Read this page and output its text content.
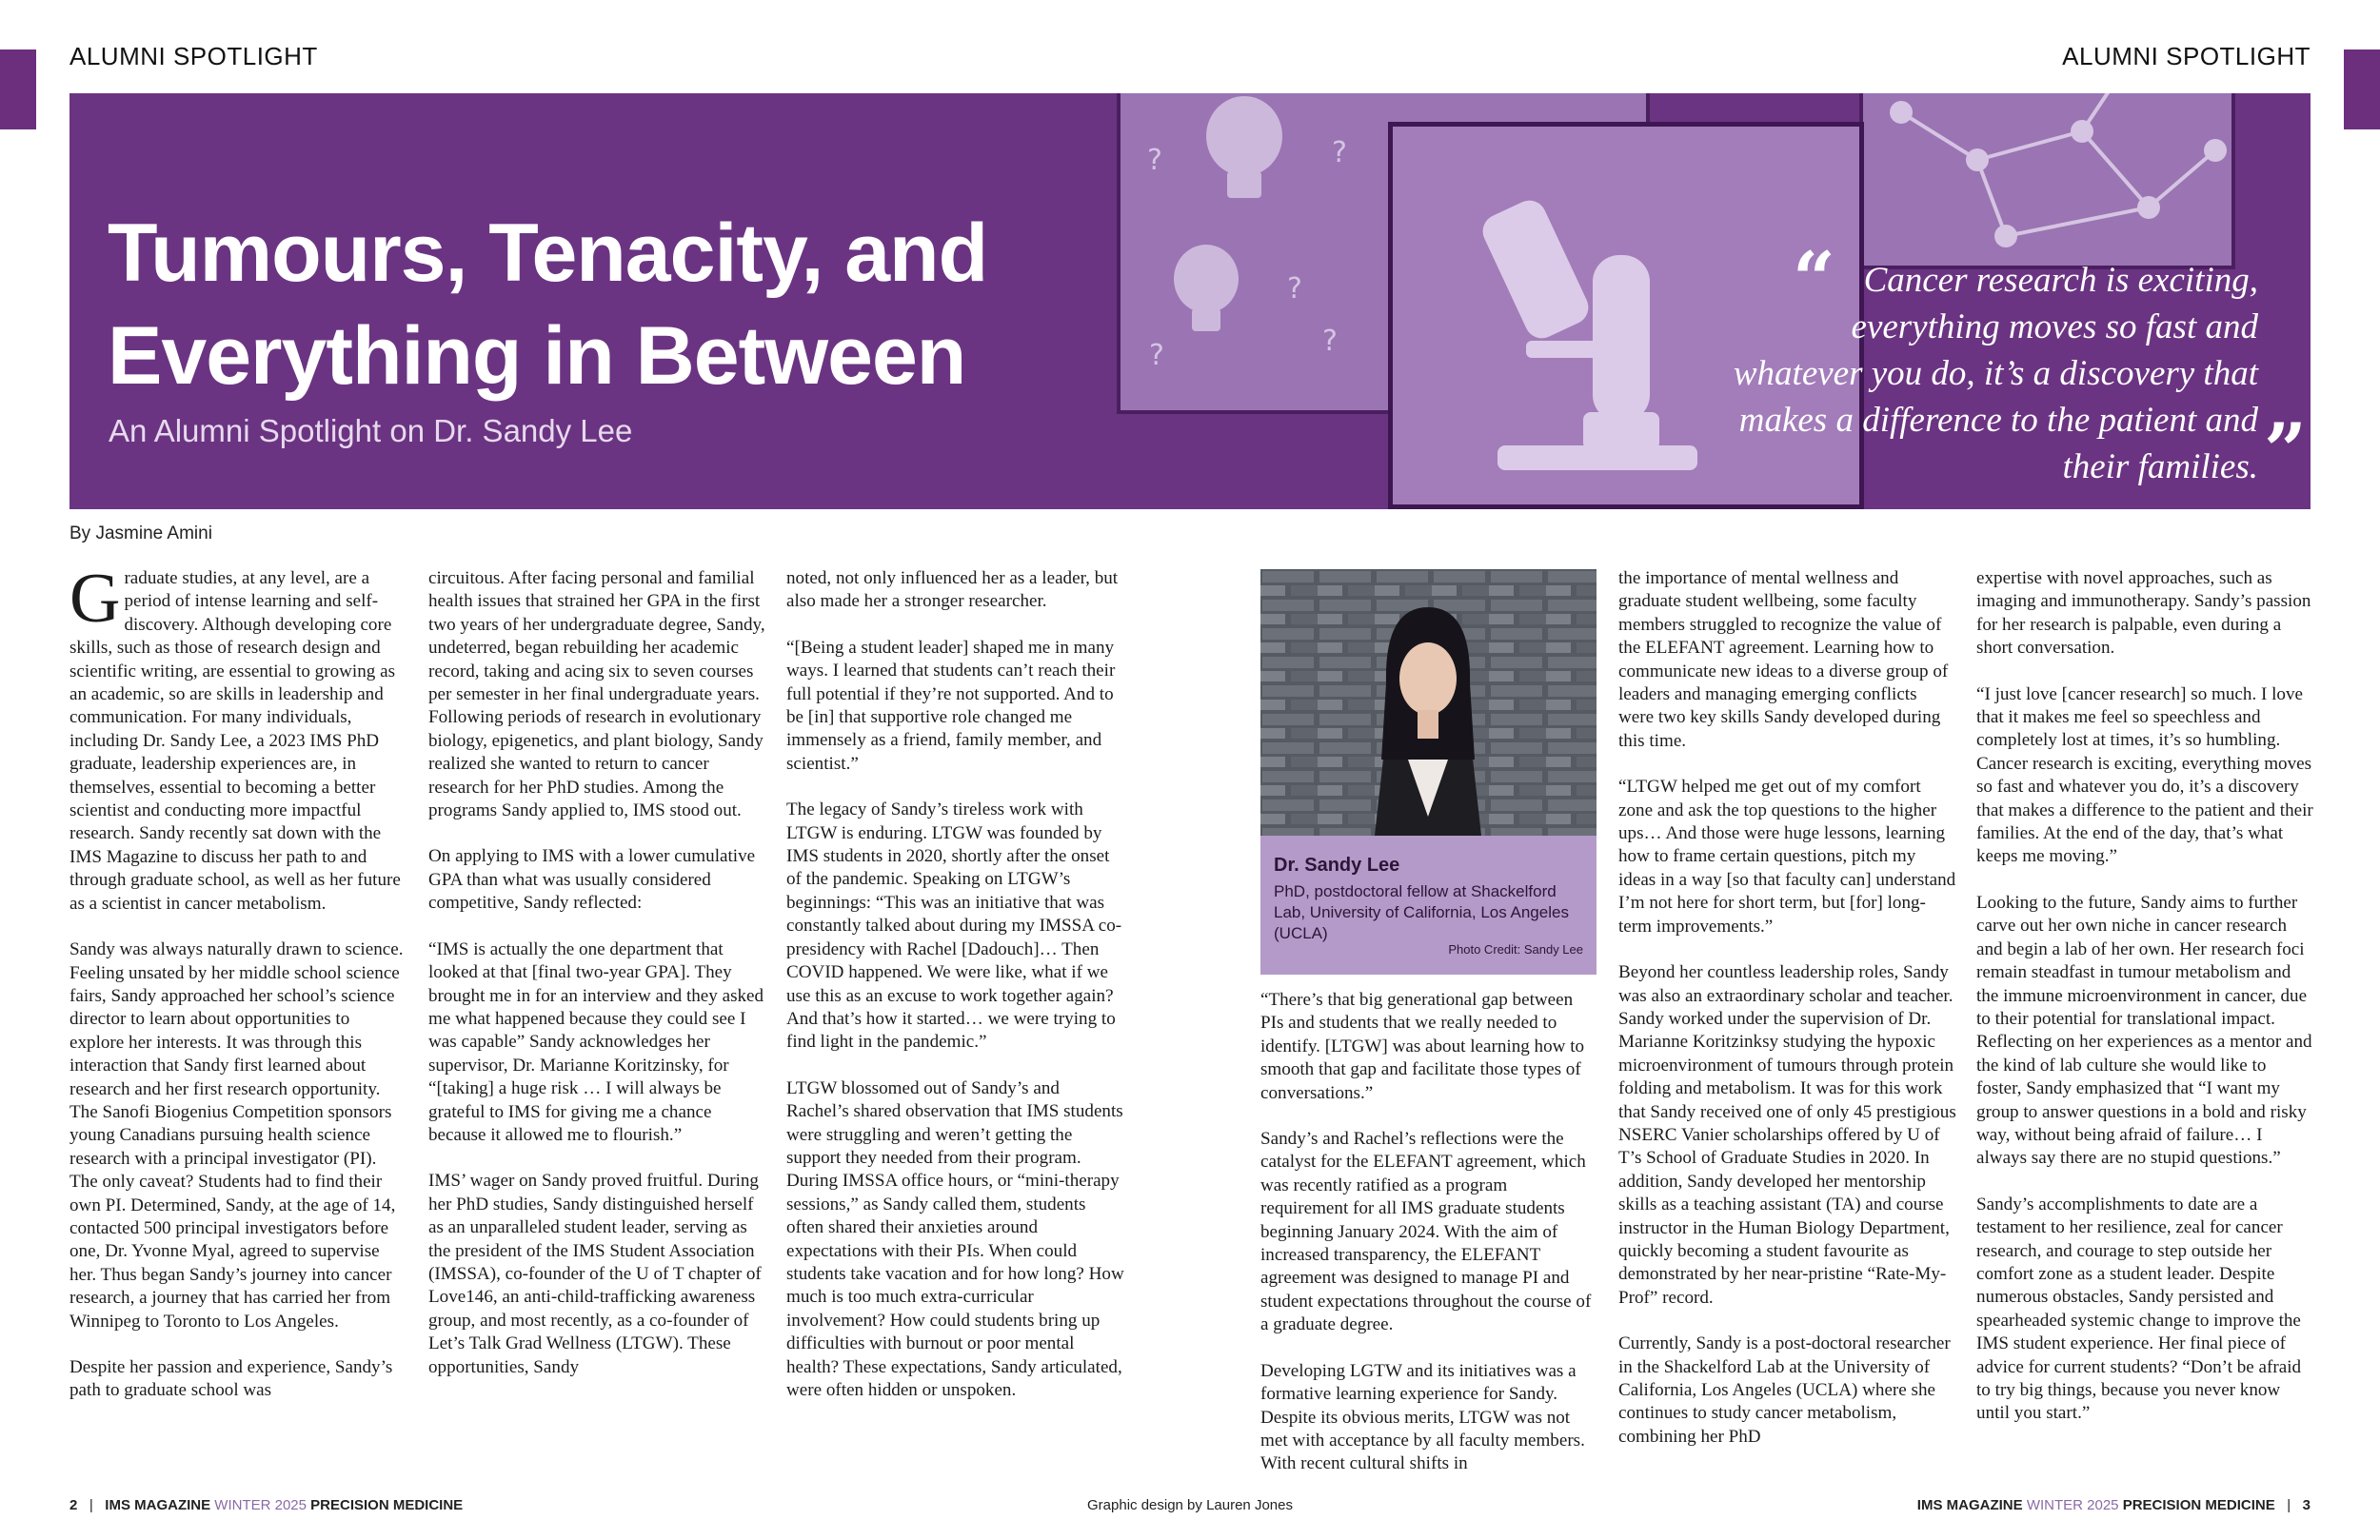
ALUMNI SPOTLIGHT	ALUMNI SPOTLIGHT
?	?
?
?	?
Tumours, Tenacity, and
Everything in Between
An Alumni Spotlight on Dr. Sandy Lee
“ Cancer research is exciting, everything moves so fast and whatever you do, it’s a discovery that makes a difference to the patient and their families. ”
By Jasmine Amini

Graduate studies, at any level, are a period of intense learning and self-discovery. Although developing core skills, such as those of research design and scientific writing, are essential to growing as an academic, so are skills in leadership and communication. For many individuals, including Dr. Sandy Lee, a 2023 IMS PhD graduate, leadership experiences are, in themselves, essential to becoming a better scientist and conducting more impactful research. Sandy recently sat down with the IMS Magazine to discuss her path to and through graduate school, as well as her future as a scientist in cancer metabolism.

Sandy was always naturally drawn to science. Feeling unsated by her middle school science fairs, Sandy approached her school’s science director to learn about opportunities to explore her interests. It was through this interaction that Sandy first learned about research and her first research opportunity. The Sanofi Biogenius Competition sponsors young Canadians pursuing health science research with a principal investigator (PI). The only caveat? Students had to find their own PI. Determined, Sandy, at the age of 14, contacted 500 principal investigators before one, Dr. Yvonne Myal, agreed to supervise her. Thus began Sandy’s journey into cancer research, a journey that has carried her from Winnipeg to Toronto to Los Angeles.

Despite her passion and experience, Sandy’s path to graduate school was

circuitous. After facing personal and familial health issues that strained her GPA in the first two years of her undergraduate degree, Sandy, undeterred, began rebuilding her academic record, taking and acing six to seven courses per semester in her final undergraduate years. Following periods of research in evolutionary biology, epigenetics, and plant biology, Sandy realized she wanted to return to cancer research for her PhD studies. Among the programs Sandy applied to, IMS stood out.

On applying to IMS with a lower cumulative GPA than what was usually considered competitive, Sandy reflected:

“IMS is actually the one department that looked at that [final two-year GPA]. They brought me in for an interview and they asked me what happened because they could see I was capable” Sandy acknowledges her supervisor, Dr. Marianne Koritzinsky, for “[taking] a huge risk … I will always be grateful to IMS for giving me a chance because it allowed me to flourish.”

IMS’ wager on Sandy proved fruitful. During her PhD studies, Sandy distinguished herself as an unparalleled student leader, serving as the president of the IMS Student Association (IMSSA), co-founder of the U of T chapter of Love146, an anti-child-trafficking awareness group, and most recently, as a co-founder of Let’s Talk Grad Wellness (LTGW). These opportunities, Sandy

noted, not only influenced her as a leader, but also made her a stronger researcher.

“[Being a student leader] shaped me in many ways. I learned that students can’t reach their full potential if they’re not supported. And to be [in] that supportive role changed me immensely as a friend, family member, and scientist.”

The legacy of Sandy’s tireless work with LTGW is enduring. LTGW was founded by IMS students in 2020, shortly after the onset of the pandemic. Speaking on LTGW’s beginnings: “This was an initiative that was constantly talked about during my IMSSA co-presidency with Rachel [Dadouch]… Then COVID happened. We were like, what if we use this as an excuse to work together again? And that’s how it started… we were trying to find light in the pandemic.”

LTGW blossomed out of Sandy’s and Rachel’s shared observation that IMS students were struggling and weren’t getting the support they needed from their program. During IMSSA office hours, or “mini-therapy sessions,” as Sandy called them, students often shared their anxieties around expectations with their PIs. When could students take vacation and for how long? How much is too much extra-curricular involvement? How could students bring up difficulties with burnout or poor mental health? These expectations, Sandy articulated, were often hidden or unspoken.

Dr. Sandy Lee
PhD, postdoctoral fellow at Shackelford Lab, University of California, Los Angeles (UCLA)
Photo Credit: Sandy Lee

“There’s that big generational gap between PIs and students that we really needed to identify. [LTGW] was about learning how to smooth that gap and facilitate those types of conversations.”

Sandy’s and Rachel’s reflections were the catalyst for the ELEFANT agreement, which was recently ratified as a program requirement for all IMS graduate students beginning January 2024. With the aim of increased transparency, the ELEFANT agreement was designed to manage PI and student expectations throughout the course of a graduate degree.

Developing LGTW and its initiatives was a formative learning experience for Sandy. Despite its obvious merits, LTGW was not met with acceptance by all faculty members. With recent cultural shifts in

the importance of mental wellness and graduate student wellbeing, some faculty members struggled to recognize the value of the ELEFANT agreement. Learning how to communicate new ideas to a diverse group of leaders and managing emerging conflicts were two key skills Sandy developed during this time.

“LTGW helped me get out of my comfort zone and ask the top questions to the higher ups… And those were huge lessons, learning how to frame certain questions, pitch my ideas in a way [so that faculty can] understand I’m not here for short term, but [for] long-term improvements.”

Beyond her countless leadership roles, Sandy was also an extraordinary scholar and teacher. Sandy worked under the supervision of Dr. Marianne Koritzinksy studying the hypoxic microenvironment of tumours through protein folding and metabolism. It was for this work that Sandy received one of only 45 prestigious NSERC Vanier scholarships offered by U of T’s School of Graduate Studies in 2020. In addition, Sandy developed her mentorship skills as a teaching assistant (TA) and course instructor in the Human Biology Department, quickly becoming a student favourite as demonstrated by her near-pristine “Rate-My-Prof” record.

Currently, Sandy is a post-doctoral researcher in the Shackelford Lab at the University of California, Los Angeles (UCLA) where she continues to study cancer metabolism, combining her PhD

expertise with novel approaches, such as imaging and immunotherapy. Sandy’s passion for her research is palpable, even during a short conversation.

“I just love [cancer research] so much. I love that it makes me feel so speechless and completely lost at times, it’s so humbling. Cancer research is exciting, everything moves so fast and whatever you do, it’s a discovery that makes a difference to the patient and their families. At the end of the day, that’s what keeps me moving.”

Looking to the future, Sandy aims to further carve out her own niche in cancer research and begin a lab of her own. Her research foci remain steadfast in tumour metabolism and the immune microenvironment in cancer, due to their potential for translational impact. Reflecting on her experiences as a mentor and the kind of lab culture she would like to foster, Sandy emphasized that “I want my group to answer questions in a bold and risky way, without being afraid of failure… I always say there are no stupid questions.”

Sandy’s accomplishments to date are a testament to her resilience, zeal for cancer research, and courage to step outside her comfort zone as a student leader. Despite numerous obstacles, Sandy persisted and spearheaded systemic change to improve the IMS student experience. Her final piece of advice for current students? “Don’t be afraid to try big things, because you never know until you start.”

2 | IMS MAGAZINE WINTER 2025 PRECISION MEDICINE	Graphic design by Lauren Jones	IMS MAGAZINE WINTER 2025 PRECISION MEDICINE | 3
